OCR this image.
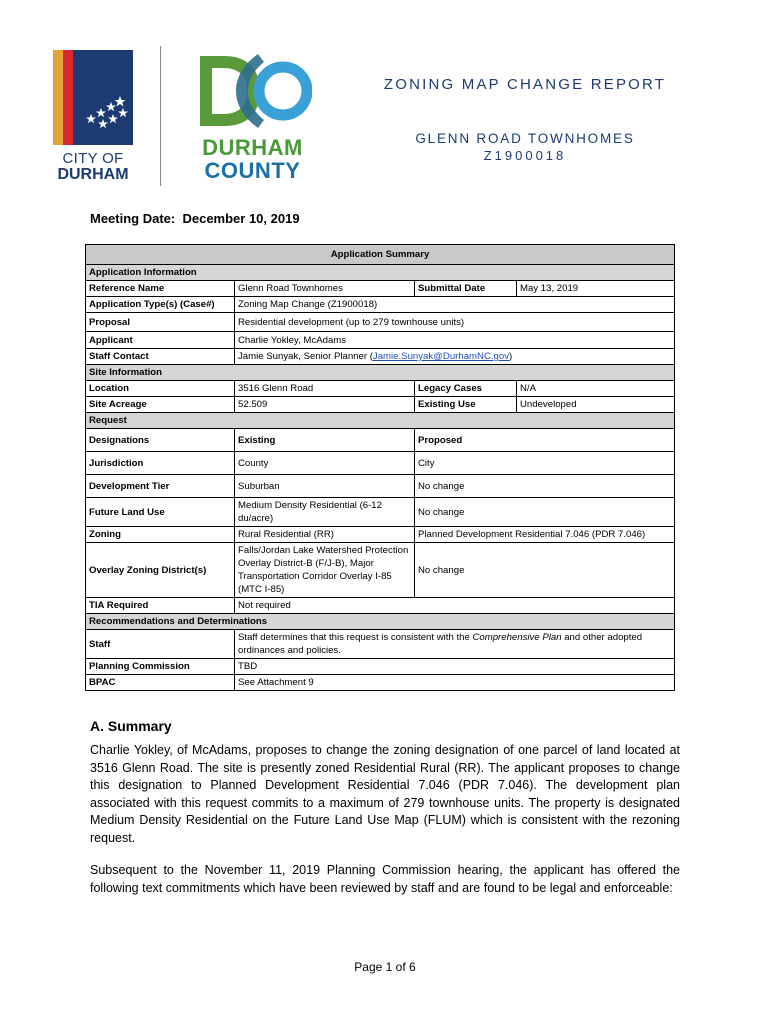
CITY OF
DURHAM
DURHAM
COUNTY
ZONING MAP CHANGE REPORT
GLENN ROAD TOWNHOMES
Z1900018
Meeting Date: December 10, 2019
Application Summary			
Application Information			
Reference Name	Glenn Road Townhomes	Submittal Date	May 13, 2019
Application Type(s) (Case#)	Zoning Map Change (Z1900018)		
Proposal	Residential development (up to 279 townhouse units)		
Applicant	Charlie Yokley, McAdams		
Staff Contact	Jamie Sunyak, Senior Planner (Jamie.Sunyak@DurhamNC.gov)		
Site Information			
Location	3516 Glenn Road	Legacy Cases	N/A
Site Acreage	52.509	Existing Use	Undeveloped
Request			
Designations	Existing	Proposed	
Jurisdiction	County	City	
Development Tier	Suburban	No change	
Future Land Use	Medium Density Residential (6-12 du/acre)	No change	
Zoning	Rural Residential (RR)	Planned Development Residential 7.046 (PDR 7.046)	
Overlay Zoning District(s)	Falls/Jordan Lake Watershed Protection Overlay District-B (F/J-B), Major Transportation Corridor Overlay I-85 (MTC I-85)	No change	
TIA Required	Not required		
Recommendations and Determinations			
Staff	Staff determines that this request is consistent with the Comprehensive Plan and other adopted ordinances and policies.		
Planning Commission	TBD		
BPAC	See Attachment 9		
A. Summary
Charlie Yokley, of McAdams, proposes to change the zoning designation of one parcel of land located at 3516 Glenn Road. The site is presently zoned Residential Rural (RR). The applicant proposes to change this designation to Planned Development Residential 7.046 (PDR 7.046). The development plan associated with this request commits to a maximum of 279 townhouse units. The property is designated Medium Density Residential on the Future Land Use Map (FLUM) which is consistent with the rezoning request.
Subsequent to the November 11, 2019 Planning Commission hearing, the applicant has offered the following text commitments which have been reviewed by staff and are found to be legal and enforceable:
Page 1 of 6
